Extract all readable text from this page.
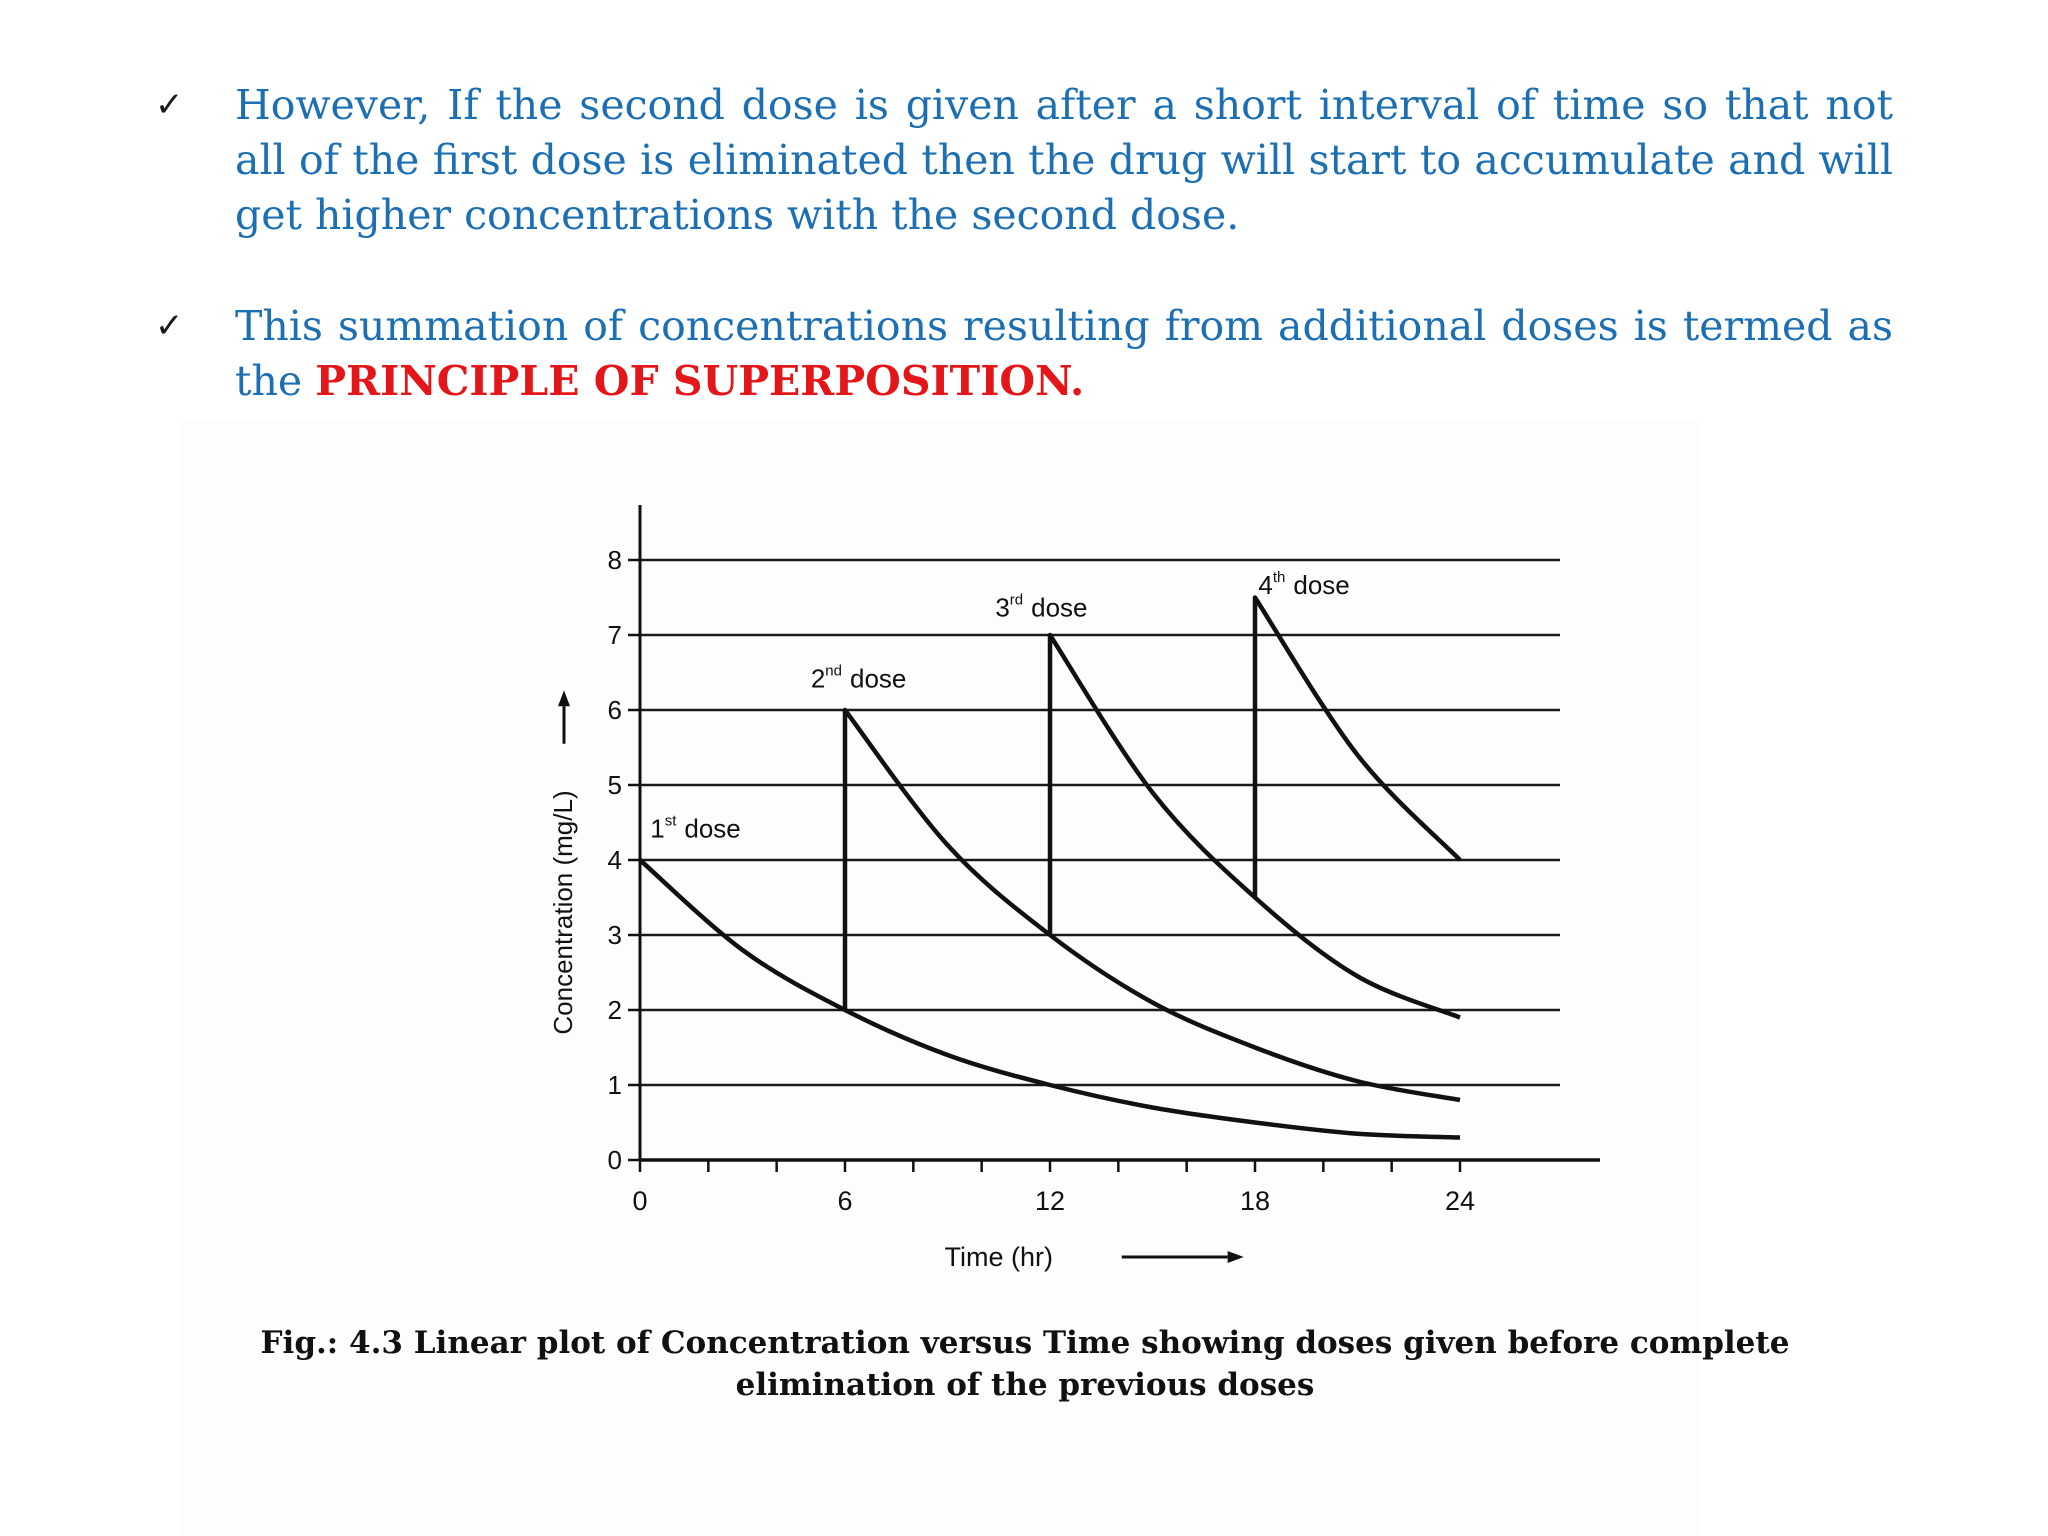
✓	However, If the second dose is given after a short interval of time so that not all of the first dose is eliminated then the drug will start to accumulate and will get higher concentrations with the second dose.
✓	This summation of concentrations resulting from additional doses is termed as the PRINCIPLE OF SUPERPOSITION.
0
1
2
3
4
5
6
7
8
0	6	12	18	24
Time (hr)
Concentration (mg/L)	1st dose
2nd dose
3rd dose
4th dose
Fig.: 4.3 Linear plot of Concentration versus Time showing doses given before complete elimination of the previous doses
